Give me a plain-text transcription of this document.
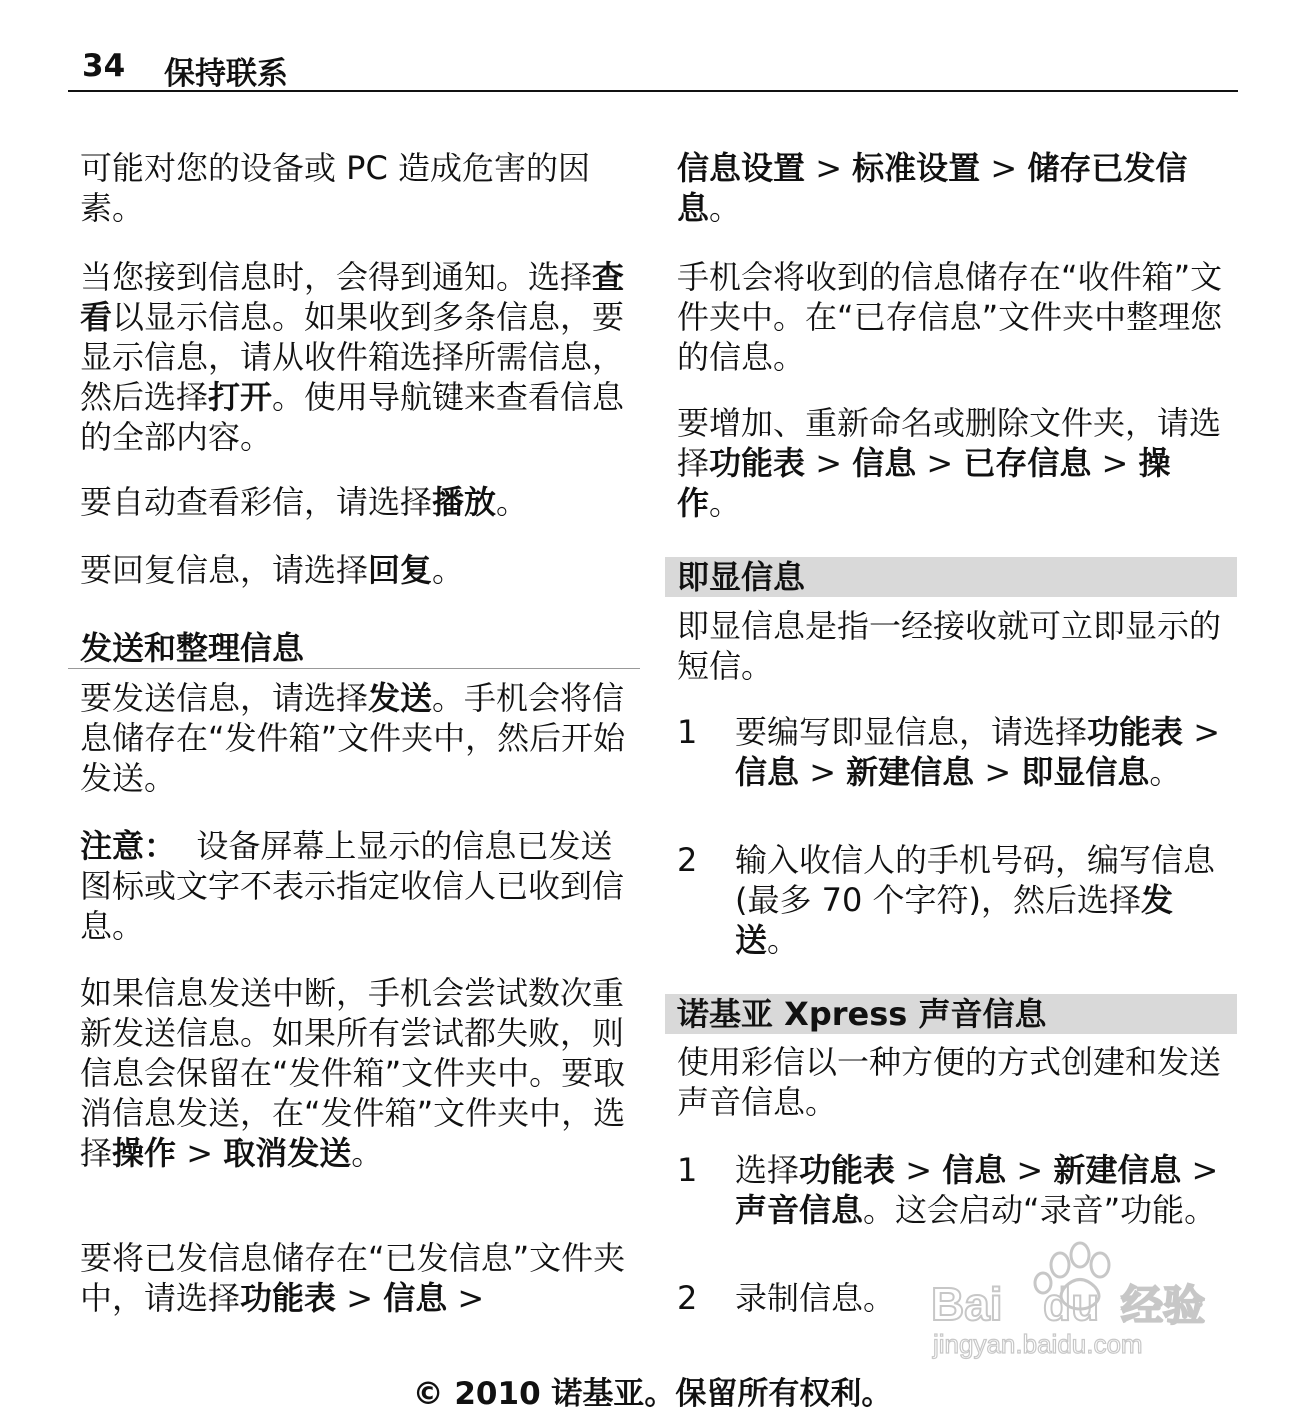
34 保持联系

可能对您的设备或 PC 造成危害的因素。

当您接到信息时，会得到通知。选择查看以显示信息。如果收到多条信息，要显示信息，请从收件箱选择所需信息，然后选择打开。使用导航键来查看信息的全部内容。

要自动查看彩信，请选择播放。

要回复信息，请选择回复。

发送和整理信息

要发送信息，请选择发送。手机会将信息储存在“发件箱”文件夹中，然后开始发送。

注意： 设备屏幕上显示的信息已发送图标或文字不表示指定收信人已收到信息。

如果信息发送中断，手机会尝试数次重新发送信息。如果所有尝试都失败，则信息会保留在“发件箱”文件夹中。要取消信息发送，在“发件箱”文件夹中，选择操作 > 取消发送。

要将已发信息储存在“已发信息”文件夹中，请选择功能表 > 信息 >

信息设置 > 标准设置 > 储存已发信息。

手机会将收到的信息储存在“收件箱”文件夹中。在“已存信息”文件夹中整理您的信息。

要增加、重新命名或删除文件夹，请选择功能表 > 信息 > 已存信息 > 操作。

即显信息

即显信息是指一经接收就可立即显示的短信。

1 要编写即显信息，请选择功能表 > 信息 > 新建信息 > 即显信息。

2 输入收信人的手机号码，编写信息 (最多 70 个字符)，然后选择发送。

诺基亚 Xpress 声音信息

使用彩信以一种方便的方式创建和发送声音信息。

1 选择功能表 > 信息 > 新建信息 > 声音信息。这会启动“录音”功能。

2 录制信息。 Bai du 经验
jingyan.baidu.com
© 2010 诺基亚。保留所有权利。
